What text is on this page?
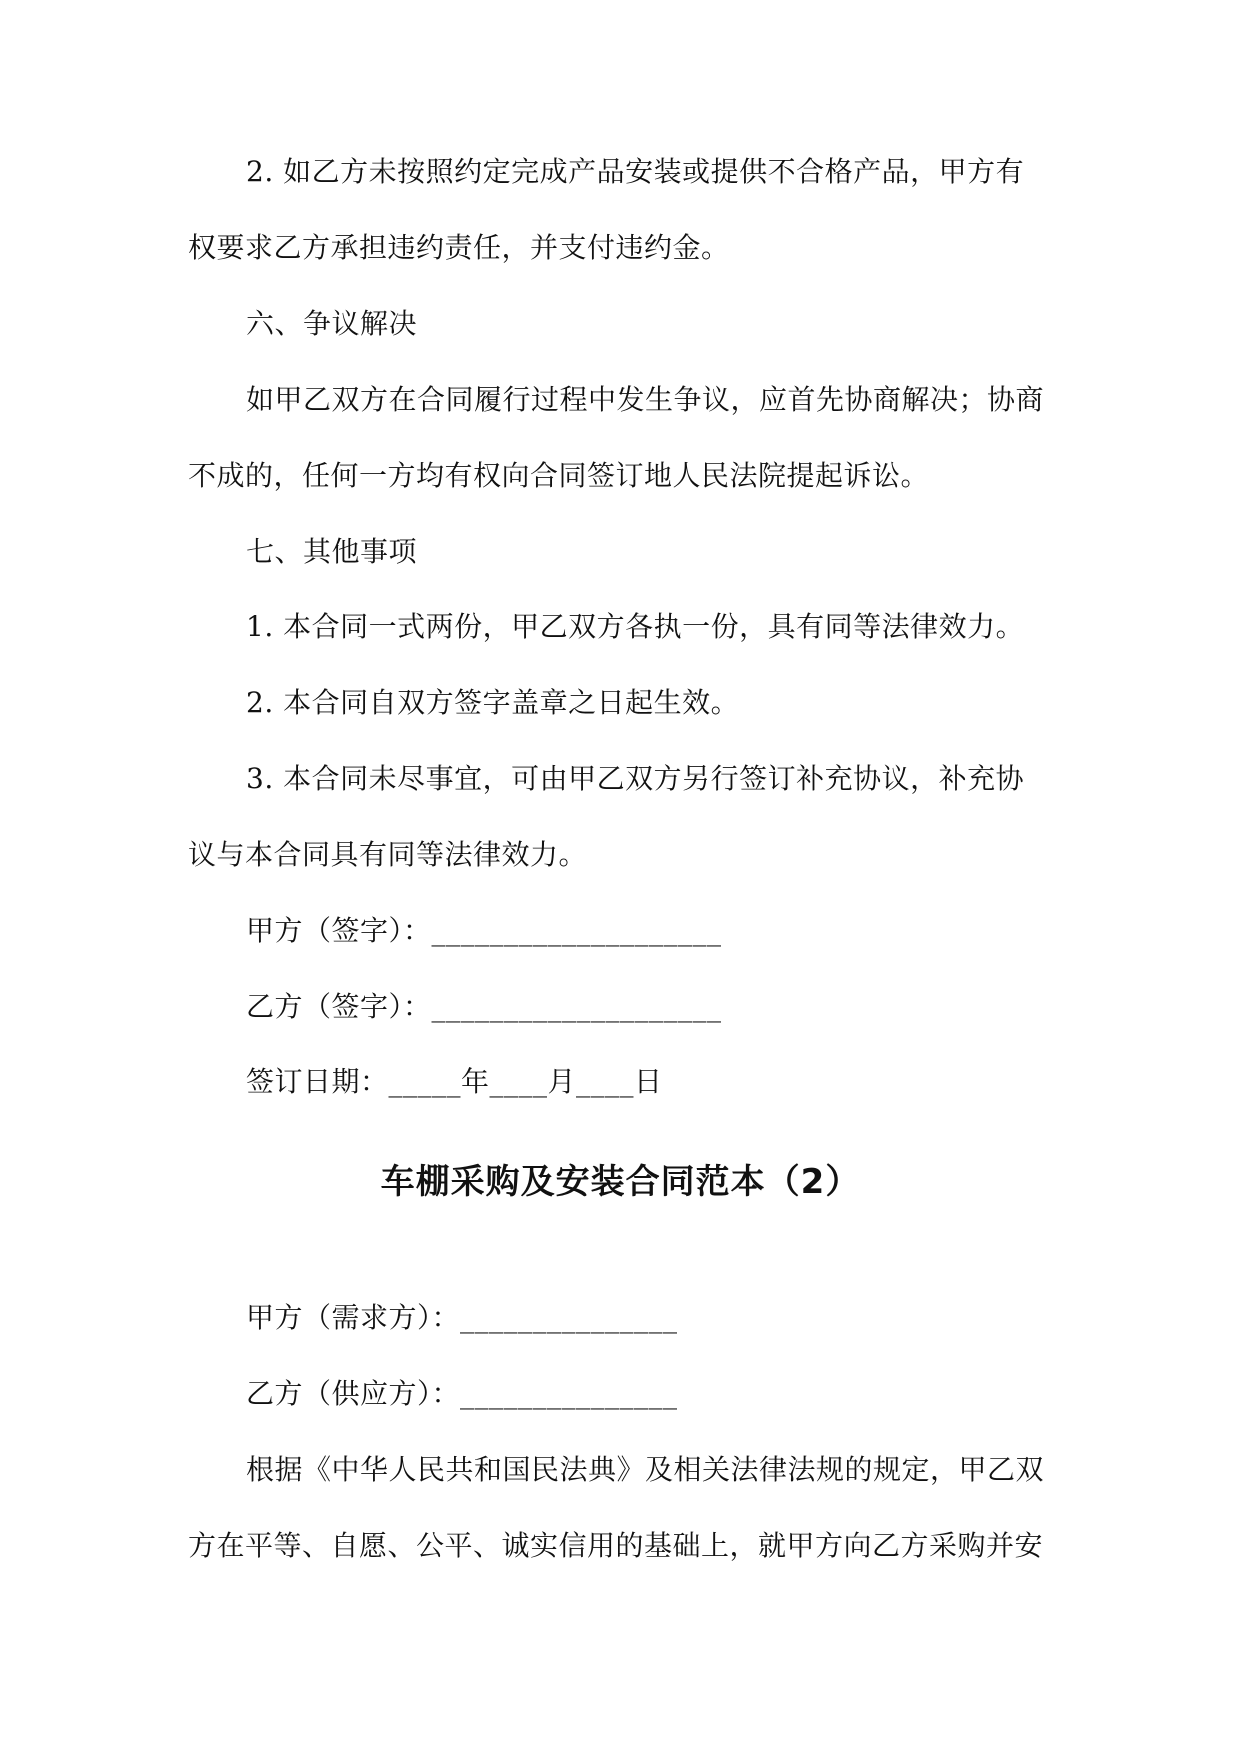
2. 如乙方未按照约定完成产品安装或提供不合格产品，甲方有
权要求乙方承担违约责任，并支付违约金。
六、争议解决
如甲乙双方在合同履行过程中发生争议，应首先协商解决；协商
不成的，任何一方均有权向合同签订地人民法院提起诉讼。
七、其他事项
1. 本合同一式两份，甲乙双方各执一份，具有同等法律效力。
2. 本合同自双方签字盖章之日起生效。
3. 本合同未尽事宜，可由甲乙双方另行签订补充协议，补充协
议与本合同具有同等法律效力。
甲方（签字）：____________________
乙方（签字）：____________________
签订日期：_____年____月____日
车棚采购及安装合同范本（2）
甲方（需求方）：_______________
乙方（供应方）：_______________
根据《中华人民共和国民法典》及相关法律法规的规定，甲乙双
方在平等、自愿、公平、诚实信用的基础上，就甲方向乙方采购并安
